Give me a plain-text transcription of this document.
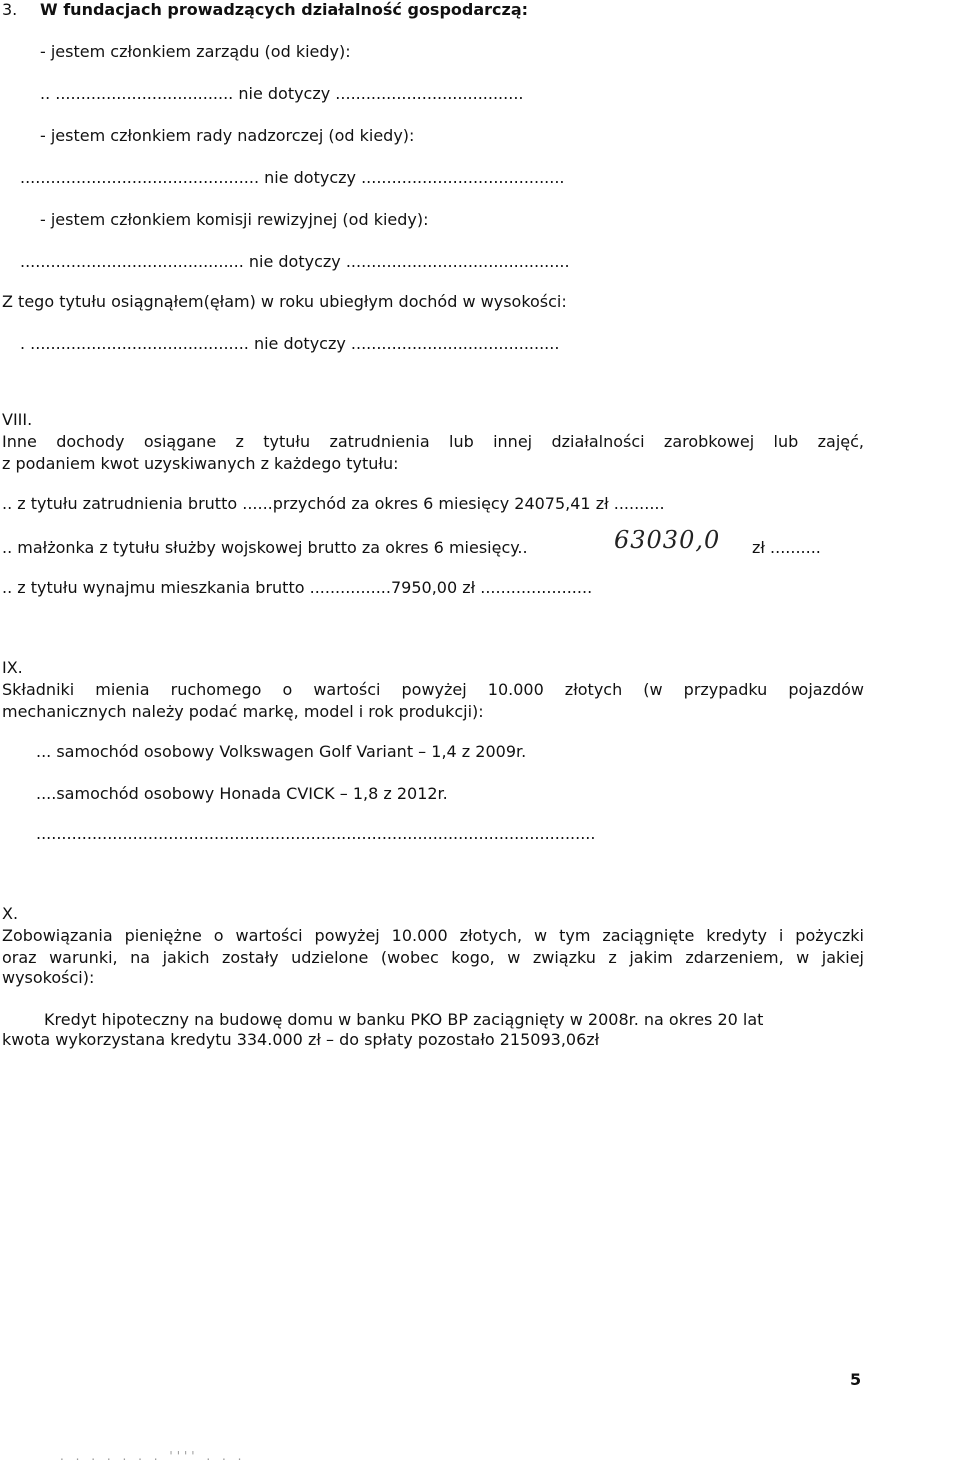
3. W fundacjach prowadzących działalność gospodarczą:
- jestem członkiem zarządu (od kiedy):
.. ................................... nie dotyczy .....................................
- jestem członkiem rady nadzorczej (od kiedy):
............................................... nie dotyczy ........................................
- jestem członkiem komisji rewizyjnej (od kiedy):
............................................ nie dotyczy ............................................
Z tego tytułu osiągnąłem(ęłam) w roku ubiegłym dochód w wysokości:
. ........................................... nie dotyczy .........................................
VIII.
Inne dochody osiągane z tytułu zatrudnienia lub innej działalności zarobkowej lub zajęć,
z podaniem kwot uzyskiwanych z każdego tytułu:
.. z tytułu zatrudnienia brutto ......przychód za okres 6 miesięcy 24075,41 zł ..........
.. małżonka z tytułu służby wojskowej brutto za okres 6 miesięcy..	63030,0 zł ..........
.. z tytułu wynajmu mieszkania brutto ................7950,00 zł ......................
IX.
Składniki mienia ruchomego o wartości powyżej 10.000 złotych (w przypadku pojazdów
mechanicznych należy podać markę, model i rok produkcji):
... samochód osobowy Volkswagen Golf Variant – 1,4 z 2009r.
....samochód osobowy Honada CVICK – 1,8 z 2012r.
..............................................................................................................
X.
Zobowiązania pieniężne o wartości powyżej 10.000 złotych, w tym zaciągnięte kredyty i pożyczki
oraz warunki, na jakich zostały udzielone (wobec kogo, w związku z jakim zdarzeniem, w jakiej
wysokości):
Kredyt hipoteczny na budowę domu w banku PKO BP zaciągnięty w 2008r. na okres 20 lat
kwota wykorzystana kredytu 334.000 zł – do spłaty pozostało 215093,06zł
5
. . . . . . . '''' . . .
